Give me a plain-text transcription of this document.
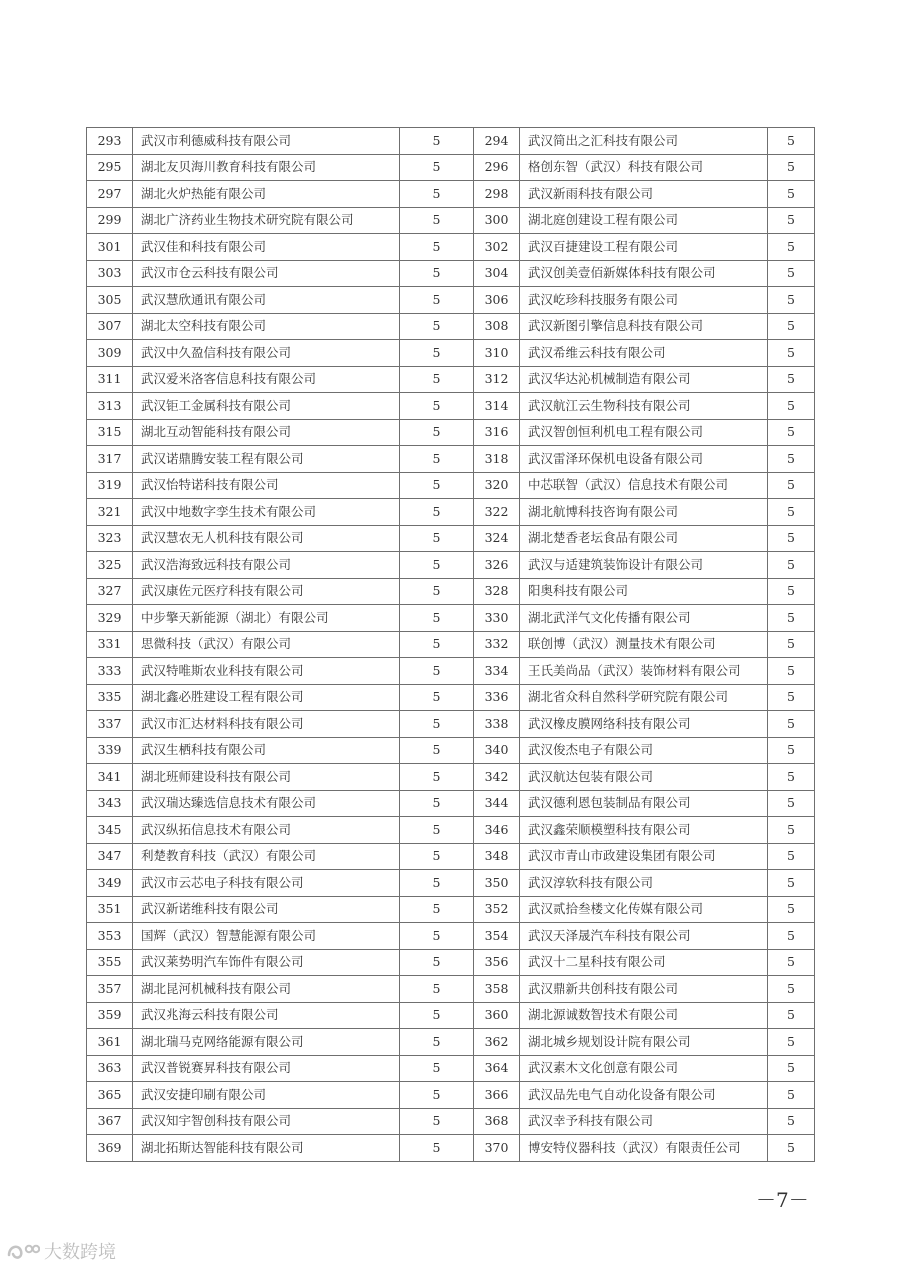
293	武汉市利德威科技有限公司	5	294	武汉简出之汇科技有限公司	5
295	湖北友贝海川教育科技有限公司	5	296	格创东智（武汉）科技有限公司	5
297	湖北火炉热能有限公司	5	298	武汉新雨科技有限公司	5
299	湖北广济药业生物技术研究院有限公司	5	300	湖北庭创建设工程有限公司	5
301	武汉佳和科技有限公司	5	302	武汉百捷建设工程有限公司	5
303	武汉市仓云科技有限公司	5	304	武汉创美壹佰新媒体科技有限公司	5
305	武汉慧欣通讯有限公司	5	306	武汉屹珍科技服务有限公司	5
307	湖北太空科技有限公司	5	308	武汉新图引擎信息科技有限公司	5
309	武汉中久盈信科技有限公司	5	310	武汉希维云科技有限公司	5
311	武汉爱米洛客信息科技有限公司	5	312	武汉华达沁机械制造有限公司	5
313	武汉钜工金属科技有限公司	5	314	武汉航江云生物科技有限公司	5
315	湖北互动智能科技有限公司	5	316	武汉智创恒利机电工程有限公司	5
317	武汉诺鼎腾安装工程有限公司	5	318	武汉雷泽环保机电设备有限公司	5
319	武汉怡特诺科技有限公司	5	320	中芯联智（武汉）信息技术有限公司	5
321	武汉中地数字孪生技术有限公司	5	322	湖北航博科技咨询有限公司	5
323	武汉慧农无人机科技有限公司	5	324	湖北楚香老坛食品有限公司	5
325	武汉浩海致远科技有限公司	5	326	武汉与适建筑装饰设计有限公司	5
327	武汉康佐元医疗科技有限公司	5	328	阳奥科技有限公司	5
329	中步擎天新能源（湖北）有限公司	5	330	湖北武洋气文化传播有限公司	5
331	思微科技（武汉）有限公司	5	332	联创博（武汉）测量技术有限公司	5
333	武汉特唯斯农业科技有限公司	5	334	王氏美尚品（武汉）装饰材料有限公司	5
335	湖北鑫必胜建设工程有限公司	5	336	湖北省众科自然科学研究院有限公司	5
337	武汉市汇达材料科技有限公司	5	338	武汉橡皮膜网络科技有限公司	5
339	武汉生栖科技有限公司	5	340	武汉俊杰电子有限公司	5
341	湖北班师建设科技有限公司	5	342	武汉航达包装有限公司	5
343	武汉瑞达臻选信息技术有限公司	5	344	武汉德利恩包装制品有限公司	5
345	武汉纵拓信息技术有限公司	5	346	武汉鑫荣顺模塑科技有限公司	5
347	利楚教育科技（武汉）有限公司	5	348	武汉市青山市政建设集团有限公司	5
349	武汉市云芯电子科技有限公司	5	350	武汉淳软科技有限公司	5
351	武汉新诺维科技有限公司	5	352	武汉贰拾叁楼文化传媒有限公司	5
353	国辉（武汉）智慧能源有限公司	5	354	武汉天泽晟汽车科技有限公司	5
355	武汉莱势明汽车饰件有限公司	5	356	武汉十二星科技有限公司	5
357	湖北昆河机械科技有限公司	5	358	武汉鼎新共创科技有限公司	5
359	武汉兆海云科技有限公司	5	360	湖北源诚数智技术有限公司	5
361	湖北瑞马克网络能源有限公司	5	362	湖北城乡规划设计院有限公司	5
363	武汉普锐赛昇科技有限公司	5	364	武汉素木文化创意有限公司	5
365	武汉安捷印刷有限公司	5	366	武汉品先电气自动化设备有限公司	5
367	武汉知宇智创科技有限公司	5	368	武汉幸予科技有限公司	5
369	湖北拓斯达智能科技有限公司	5	370	博安特仪器科技（武汉）有限责任公司	5
－7－
大数跨境
